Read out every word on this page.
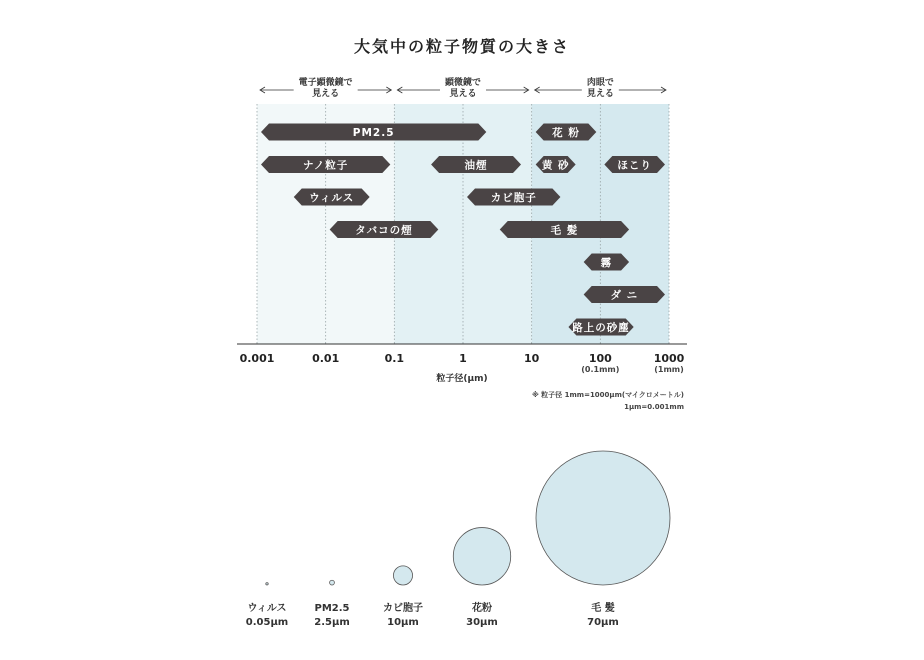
大気中の粒子物質の大きさ
電子顕微鏡で
見える
顕微鏡で
見える
肉眼で
見える
PM2.5	花 粉
ナノ粒子	油煙	黄 砂	ほこり
ウィルス	カビ胞子
タバコの煙	毛 髪
霧
ダ ニ
路上の砂塵
0.001	0.01	0.1	1	10	100
(0.1mm)
1000
(1mm)
粒子径(μm)
※ 粒子径 1mm=1000μm(マイクロメートル)
1μm=0.001mm
ウィルス
0.05μm
PM2.5
2.5μm
カビ胞子
10μm
花粉
30μm
毛 髪
70μm
